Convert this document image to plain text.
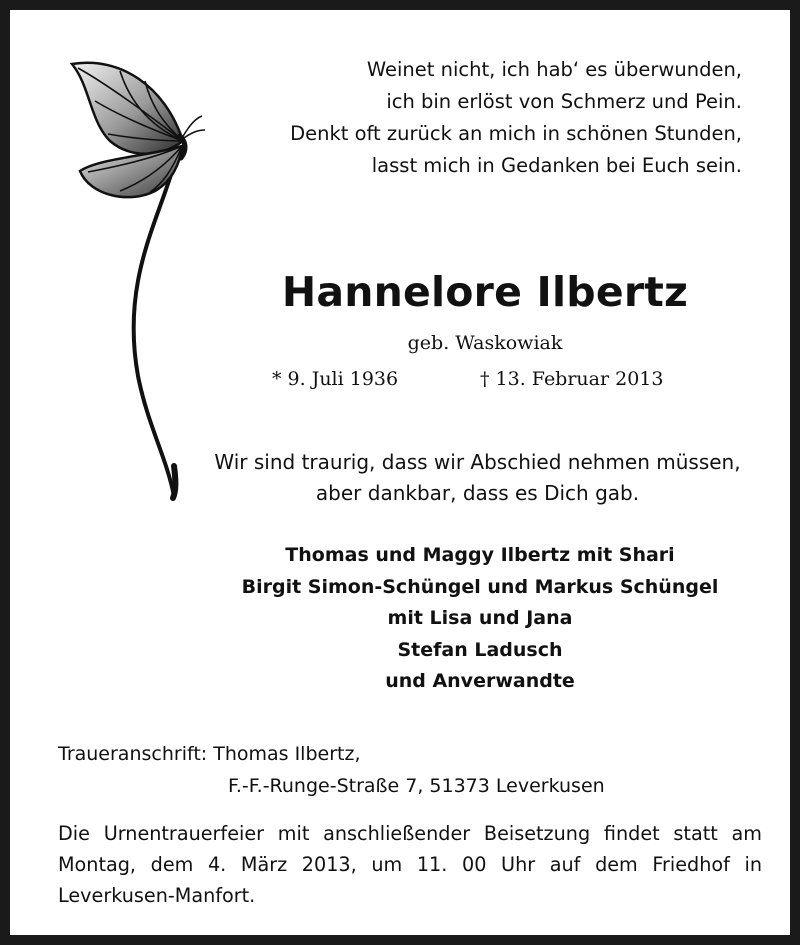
Weinet nicht, ich hab‘ es überwunden,
ich bin erlöst von Schmerz und Pein.
Denkt oft zurück an mich in schönen Stunden,
lasst mich in Gedanken bei Euch sein.
Hannelore Ilbertz
geb. Waskowiak
* 9. Juli 1936	† 13. Februar 2013
Wir sind traurig, dass wir Abschied nehmen müssen,
aber dankbar, dass es Dich gab.
Thomas und Maggy Ilbertz mit Shari
Birgit Simon-Schüngel und Markus Schüngel
mit Lisa und Jana
Stefan Ladusch
und Anverwandte
Traueranschrift: Thomas Ilbertz,
F.-F.-Runge-Straße 7, 51373 Leverkusen
Die Urnentrauerfeier mit anschließender Beisetzung findet statt am
Montag, dem 4. März 2013, um 11. 00 Uhr auf dem Friedhof in
Leverkusen-Manfort.
